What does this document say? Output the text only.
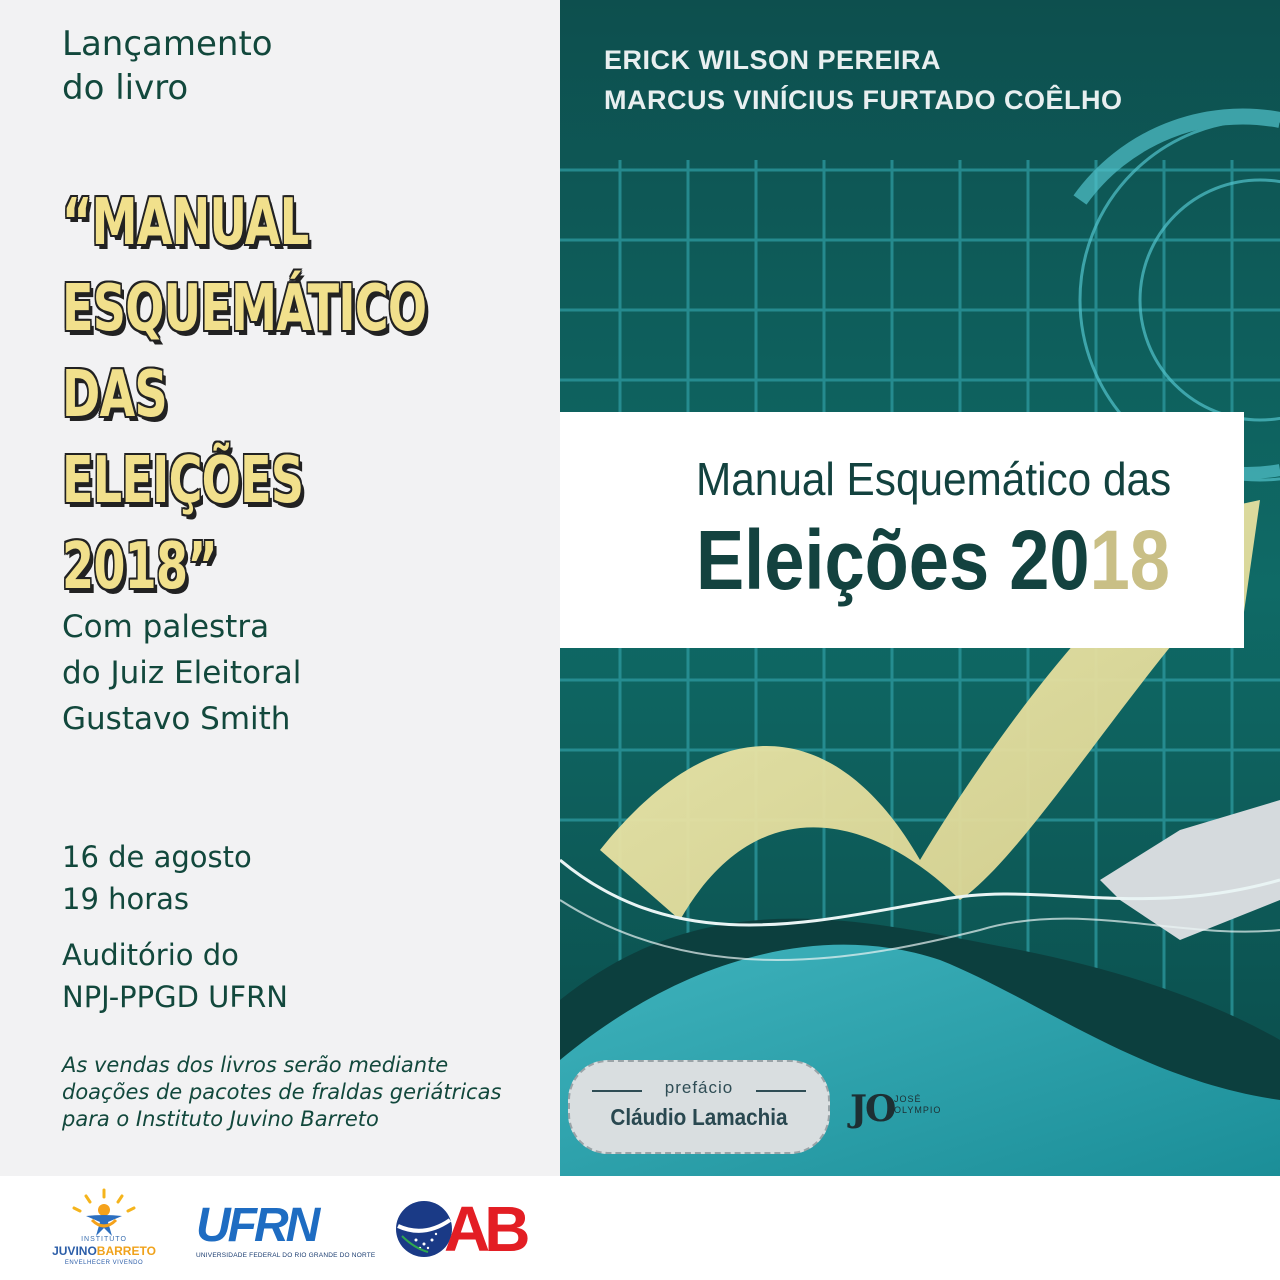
Lançamento
do livro
“MANUAL
ESQUEMÁTICO
DAS ELEIÇÕES
2018”
Com palestra
do Juiz Eleitoral
Gustavo Smith
16 de agosto
19 horas
Auditório do
NPJ-PPGD UFRN
As vendas dos livros serão mediante
doações de pacotes de fraldas geriátricas
para o Instituto Juvino Barreto
ERICK WILSON PEREIRA
MARCUS VINÍCIUS FURTADO COÊLHO
Manual Esquemático das
Eleições 2018
prefácio
Cláudio Lamachia	JO JOSÉ
OLYMPIO
INSTITUTO
JUVINOBARRETO
ENVELHECER VIVENDO
UFRN
UNIVERSIDADE FEDERAL DO RIO GRANDE DO NORTE AB
